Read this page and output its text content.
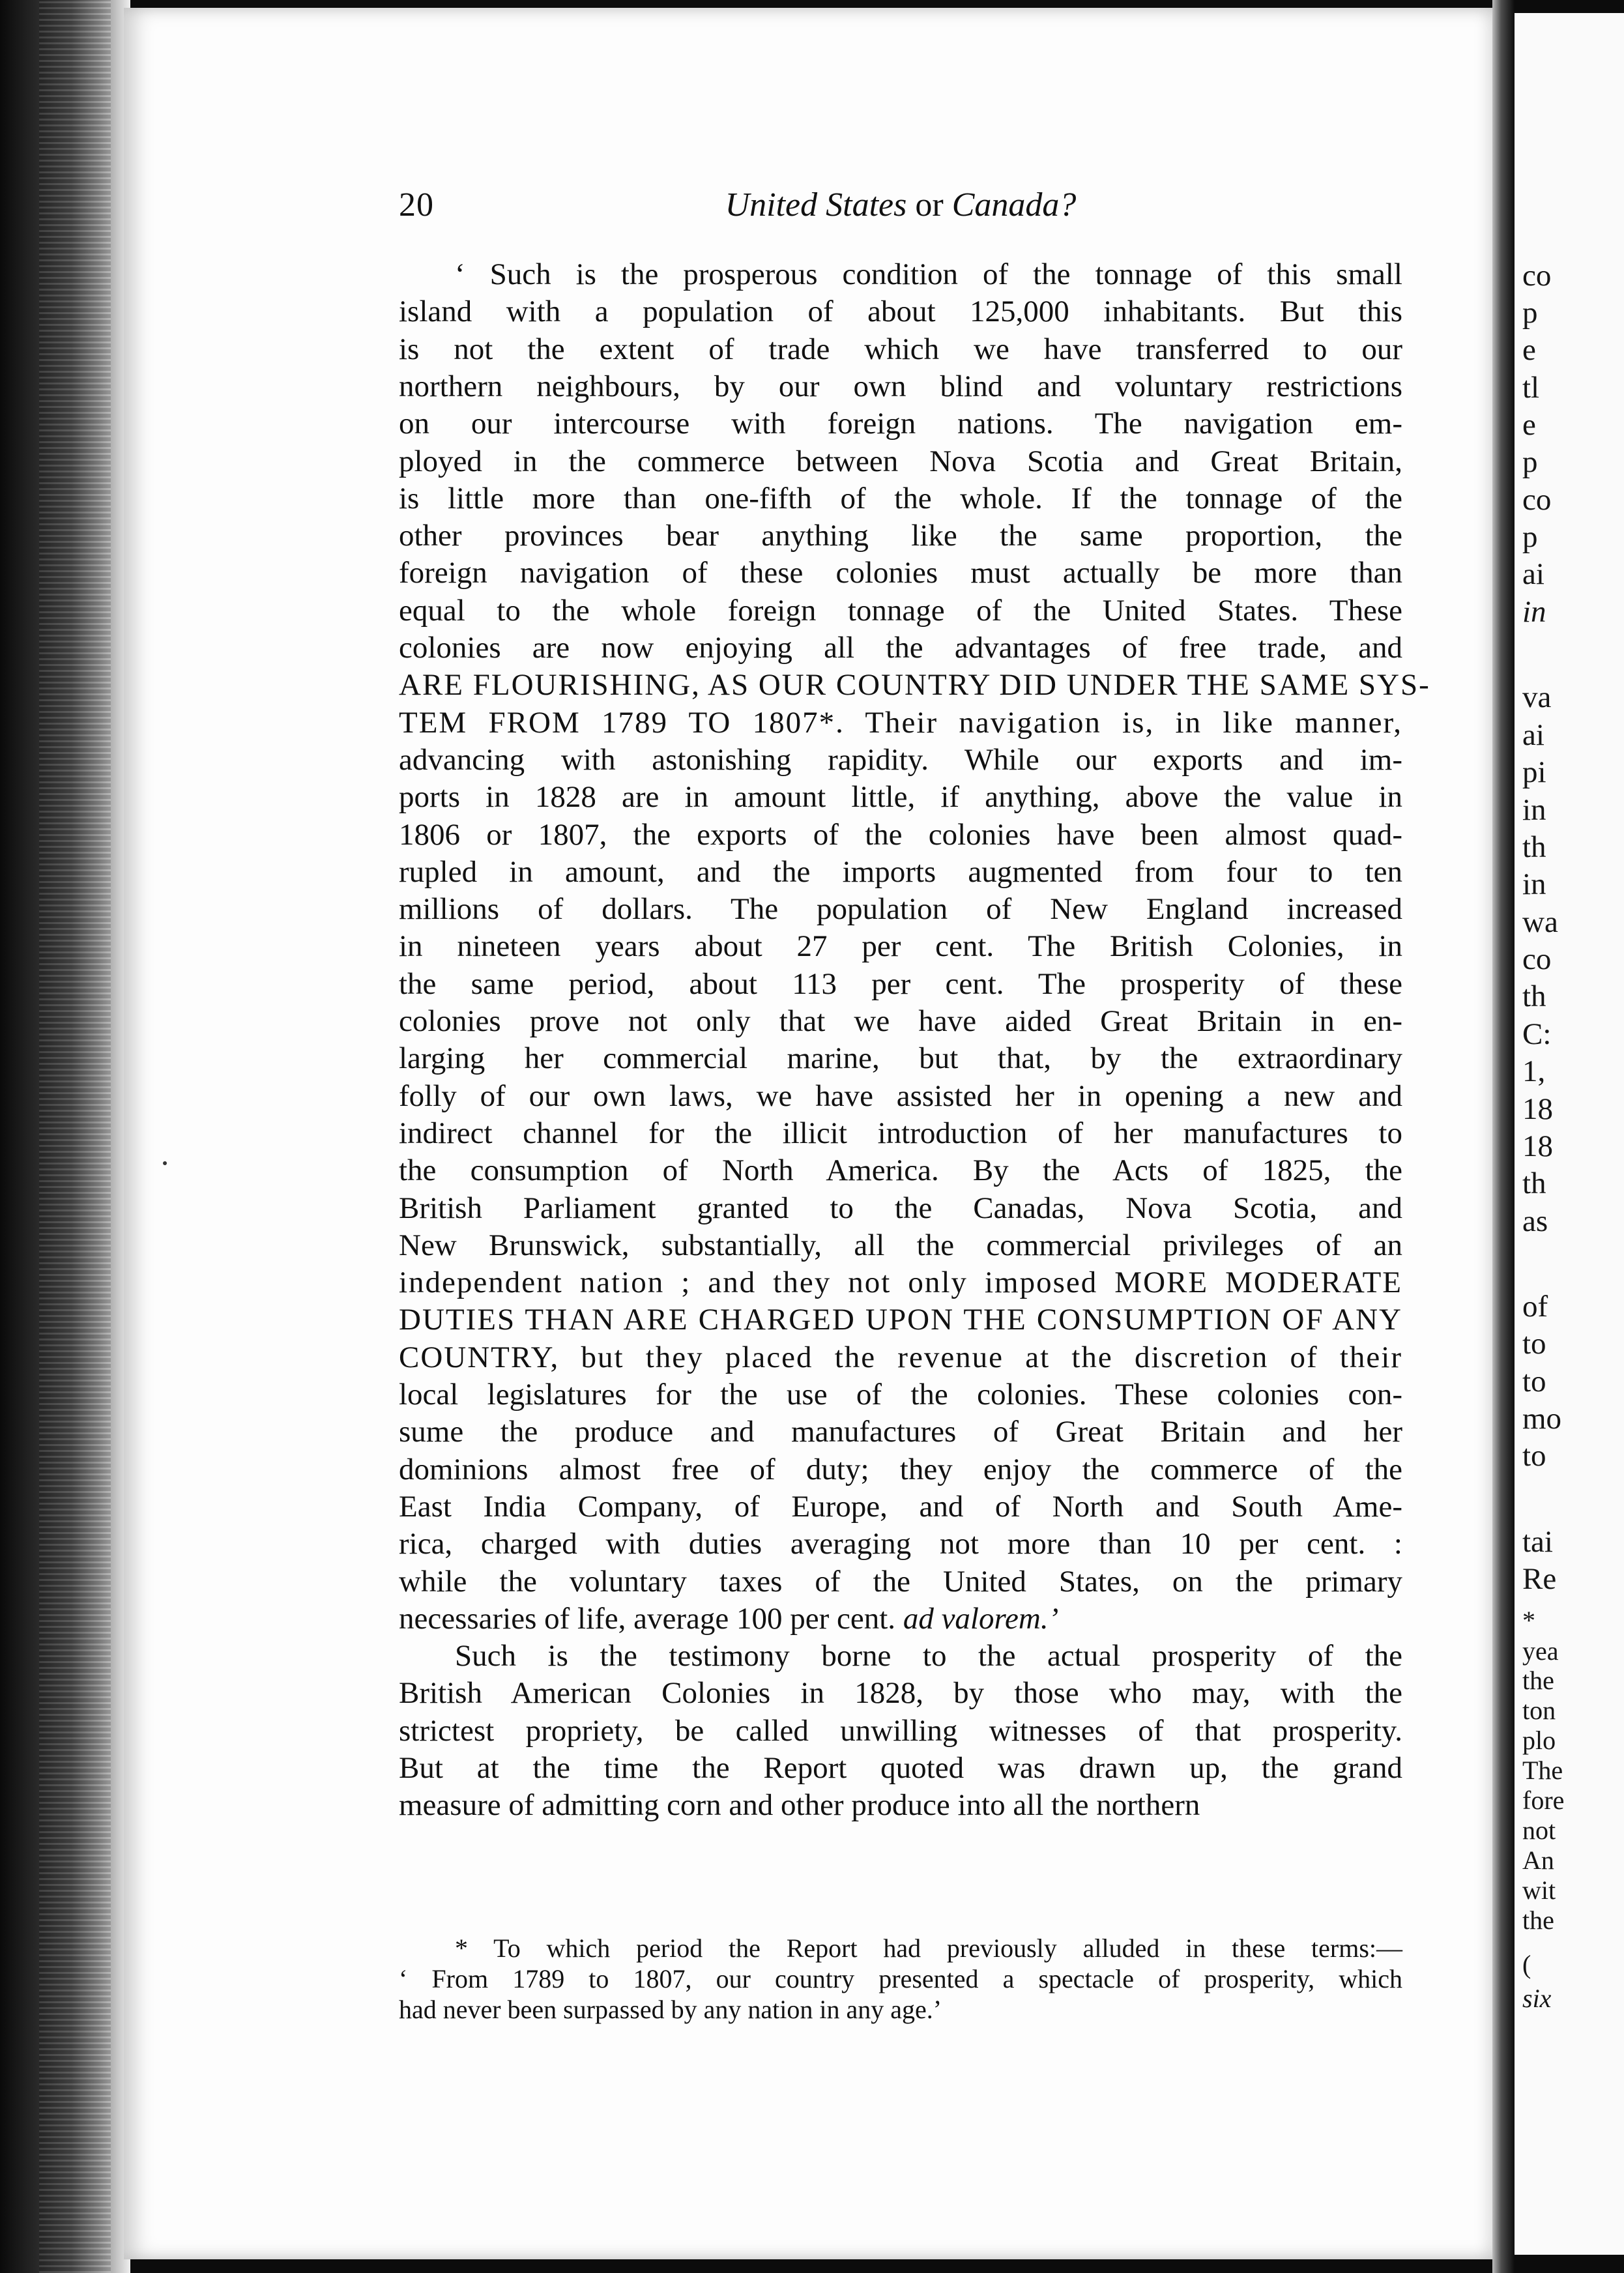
co
p
e
tl
e
p
co
p
ai
in
va
ai
pi
in
th
in
wa
co
th
C:
1,
18
18
th
as
of
to
to
mo
to
tai
Re
*
yea
the
ton
plo
The
fore
not
An
wit
the
(
six
20	United States or Canada?
‘ Such is the prosperous condition of the tonnage of this small
island with a population of about 125,000 inhabitants. But this
is not the extent of trade which we have transferred to our
northern neighbours, by our own blind and voluntary restrictions
on our intercourse with foreign nations. The navigation em-
ployed in the commerce between Nova Scotia and Great Britain,
is little more than one-fifth of the whole. If the tonnage of the
other provinces bear anything like the same proportion, the
foreign navigation of these colonies must actually be more than
equal to the whole foreign tonnage of the United States. These
colonies are now enjoying all the advantages of free trade, and
ARE FLOURISHING, AS OUR COUNTRY DID UNDER THE SAME SYS-
TEM FROM 1789 TO 1807*. Their navigation is, in like manner,
advancing with astonishing rapidity. While our exports and im-
ports in 1828 are in amount little, if anything, above the value in
1806 or 1807, the exports of the colonies have been almost quad-
rupled in amount, and the imports augmented from four to ten
millions of dollars. The population of New England increased
in nineteen years about 27 per cent. The British Colonies, in
the same period, about 113 per cent. The prosperity of these
colonies prove not only that we have aided Great Britain in en-
larging her commercial marine, but that, by the extraordinary
folly of our own laws, we have assisted her in opening a new and
indirect channel for the illicit introduction of her manufactures to
the consumption of North America. By the Acts of 1825, the
British Parliament granted to the Canadas, Nova Scotia, and
New Brunswick, substantially, all the commercial privileges of an
independent nation ; and they not only imposed MORE MODERATE
DUTIES THAN ARE CHARGED UPON THE CONSUMPTION OF ANY
COUNTRY, but they placed the revenue at the discretion of their
local legislatures for the use of the colonies. These colonies con-
sume the produce and manufactures of Great Britain and her
dominions almost free of duty; they enjoy the commerce of the
East India Company, of Europe, and of North and South Ame-
rica, charged with duties averaging not more than 10 per cent. :
while the voluntary taxes of the United States, on the primary
necessaries of life, average 100 per cent. ad valorem.’
Such is the testimony borne to the actual prosperity of the
British American Colonies in 1828, by those who may, with the
strictest propriety, be called unwilling witnesses of that prosperity.
But at the time the Report quoted was drawn up, the grand
measure of admitting corn and other produce into all the northern
* To which period the Report had previously alluded in these terms:—
‘ From 1789 to 1807, our country presented a spectacle of prosperity, which
had never been surpassed by any nation in any age.’
